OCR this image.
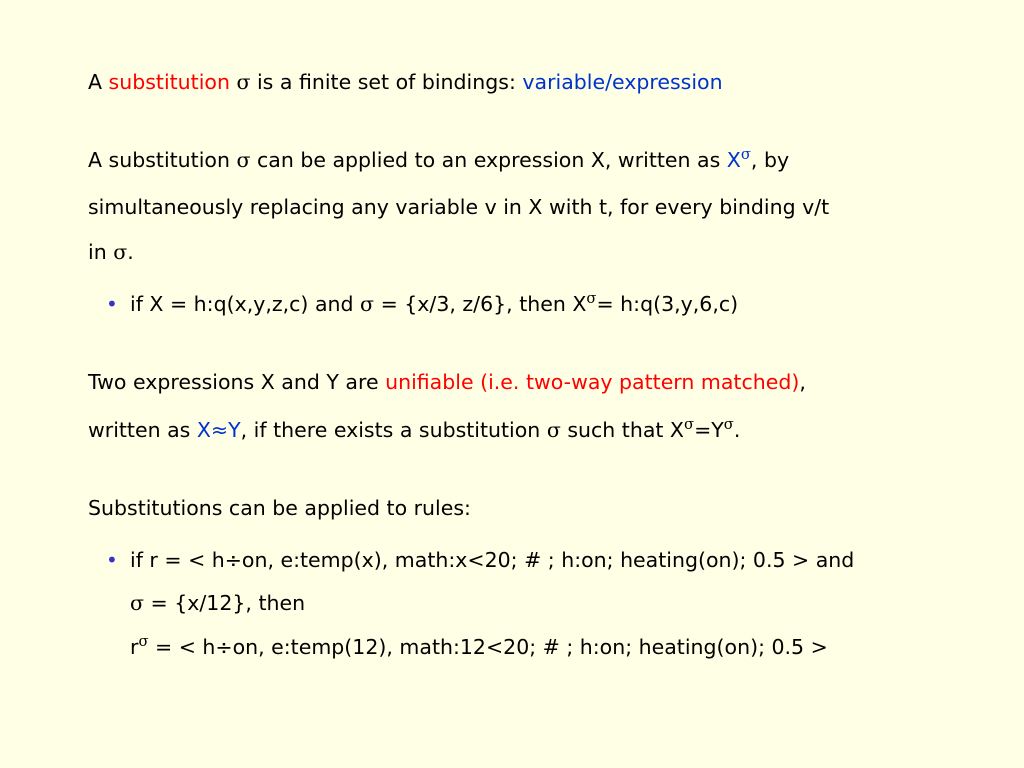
A substitution σ is a finite set of bindings: variable/expression
A substitution σ can be applied to an expression X, written as $X^\sigma$, by
simultaneously replacing any variable v in X with t, for every binding v/t
in σ.
• if X = h:q(x,y,z,c) and σ = {x/3, z/6}, then $X^\sigma=$ h:q(3,y,6,c)
Two expressions X and Y are unifiable (i.e. two-way pattern matched),
written as X≈Y, if there exists a substitution σ such that $X^\sigma=Y^\sigma$.
Substitutions can be applied to rules:
• if r = < h÷on, e:temp(x), math:x<20; # ; h:on; heating(on); 0.5 > and
σ = {x/12}, then
$r^\sigma$ = < h÷on, e:temp(12), math:12<20; # ; h:on; heating(on); 0.5 >
